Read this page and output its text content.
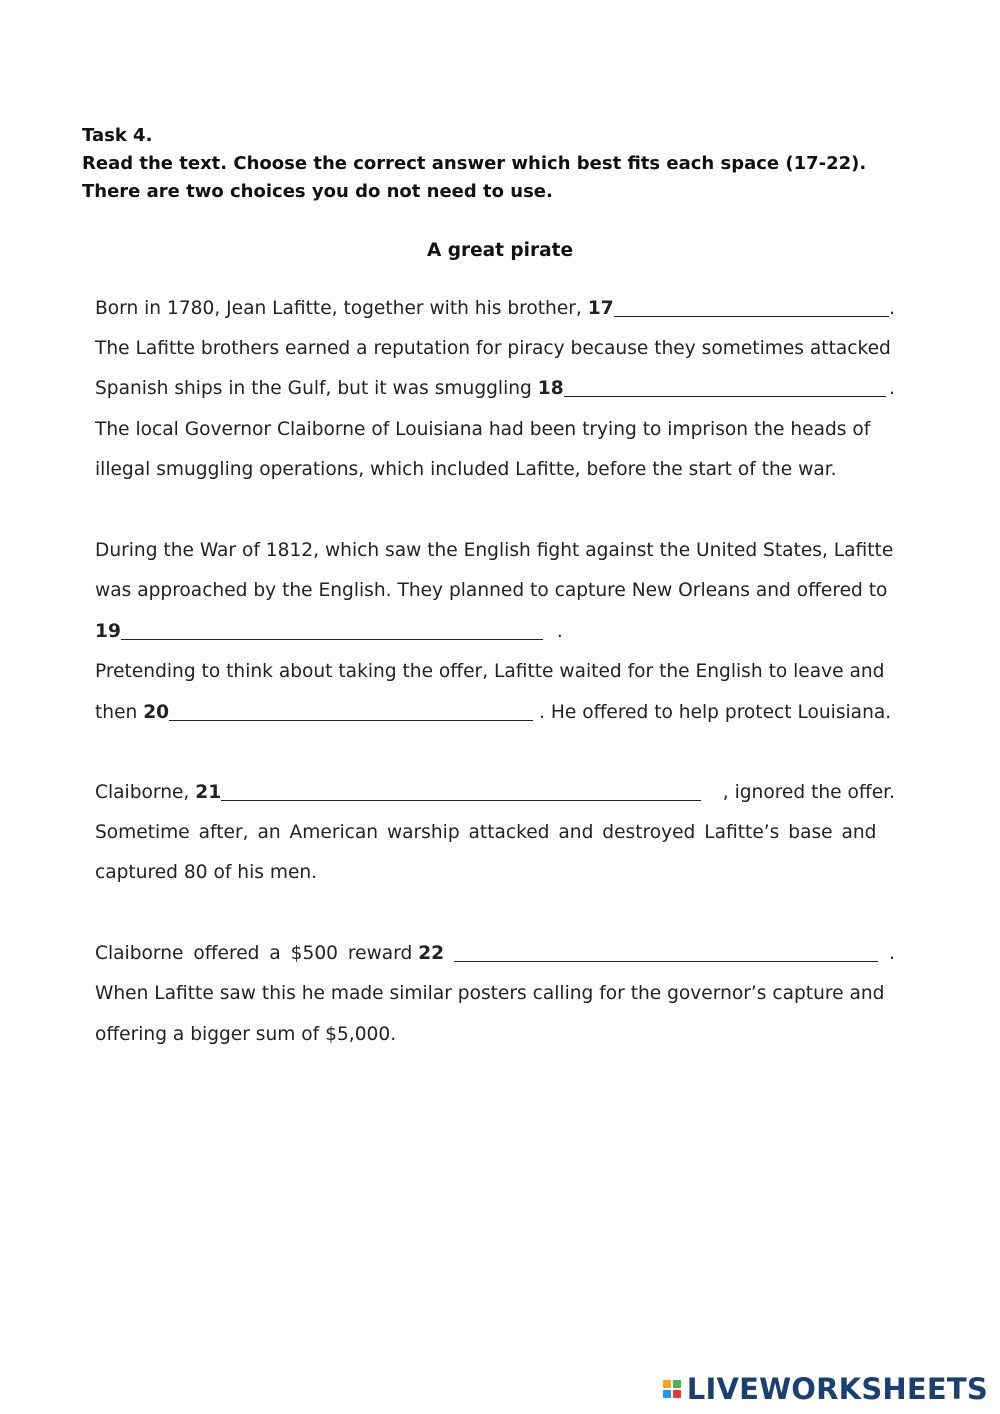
Task 4.
Read the text. Choose the correct answer which best fits each space (17-22).
There are two choices you do not need to use.
A great pirate
Born in 1780, Jean Lafitte, together with his brother, 17	.
The Lafitte brothers earned a reputation for piracy because they sometimes attacked
Spanish ships in the Gulf, but it was smuggling 18	.
The local Governor Claiborne of Louisiana had been trying to imprison the heads of
illegal smuggling operations, which included Lafitte, before the start of the war.
During the War of 1812, which saw the English fight against the United States, Lafitte
was approached by the English. They planned to capture New Orleans and offered to
19	.
Pretending to think about taking the offer, Lafitte waited for the English to leave and
then 20	. He offered to help protect Louisiana.
Claiborne, 21	, ignored the offer.
Sometime after, an American warship attacked and destroyed Lafitte’s base and
captured 80 of his men.
Claiborne offered a $500 reward 22	.
When Lafitte saw this he made similar posters calling for the governor’s capture and
offering a bigger sum of $5,000.
LIVEWORKSHEETS
